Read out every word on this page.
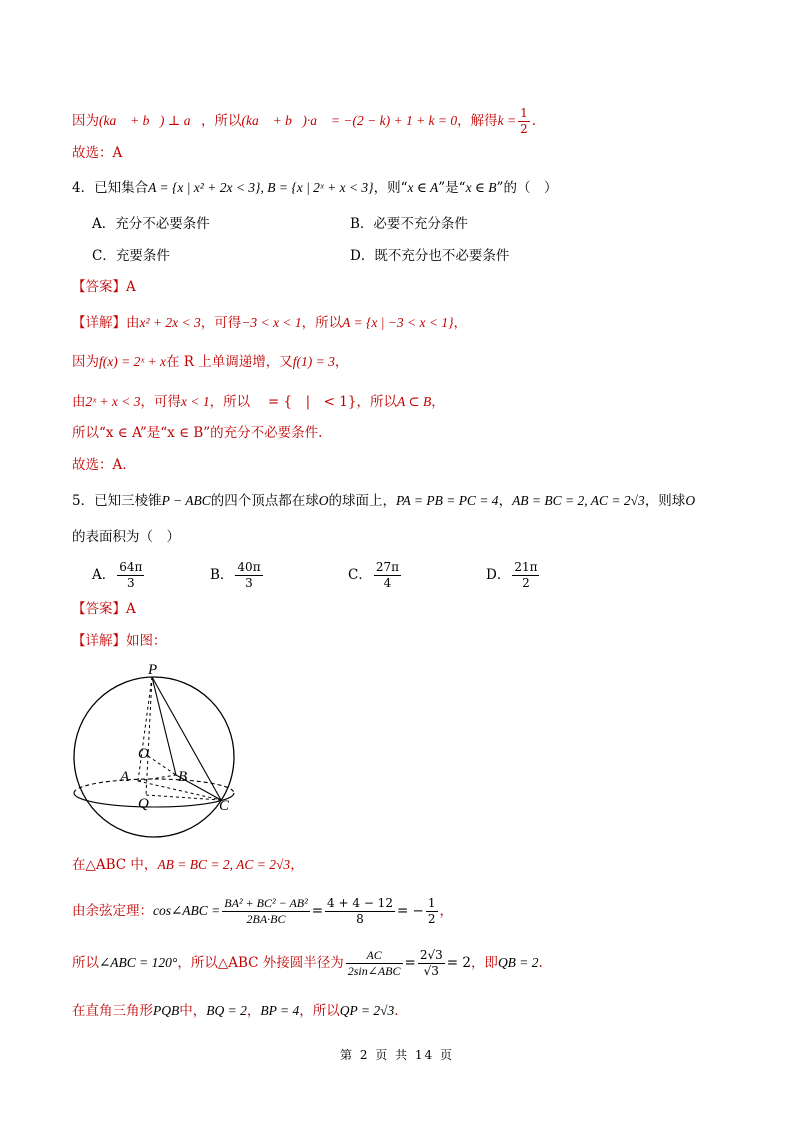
因为(ka⃗ + b⃗) ⊥ a⃗，所以(ka⃗ + b⃗)·a⃗ = −(2 − k) + 1 + k = 0，解得$k = \frac{1}{2}$ .
故选：A
4．已知集合A = {x | x² + 2x < 3}, B = {x | 2ˣ + x < 3}，则“x ∈ A”是“x ∈ B”的（　）
A．充分不必要条件	B．必要不充分条件
C．充要条件	D．既不充分也不必要条件
【答案】A
【详解】由x² + 2x < 3，可得−3 < x < 1，所以A = {x | −3 < x < 1}，
因为f(x) = 2ˣ + x在 R 上单调递增，又f(1) = 3，
由2ˣ + x < 3，可得x < 1，所以 　= {　|　< 1}，所以A ⊂ B，
所以“x ∈ A”是“x ∈ B”的充分不必要条件.
故选：A.
5．已知三棱锥P − ABC的四个顶点都在球O的球面上，PA = PB = PC = 4，AB = BC = 2, AC = 2√3，则球O
的表面积为（　）
A． $\frac{64\pi}{3}$	B． $\frac{40\pi}{3}$	C． $\frac{27\pi}{4}$	D． $\frac{21\pi}{2}$
【答案】A
【详解】如图：
P
O
A	B
Q	C
在△ABC 中，AB = BC = 2, AC = 2√3，
由余弦定理：cos∠ABC = $\frac{\text{BA² + BC² − AB²}}{2BA\cdot BC} = \frac{4 + 4 - 12}{8}$ = − $\frac{1}{2}$ ，
所以∠ABC = 120°，所以△ABC 外接圆半径为 $\frac{AC}{\text{2sin∠ABC}} = \frac{2√3}{√3} = 2$，即QB = 2.
在直角三角形PQB中，BQ = 2，BP = 4，所以QP = 2√3.
第 2 页 共 14 页
